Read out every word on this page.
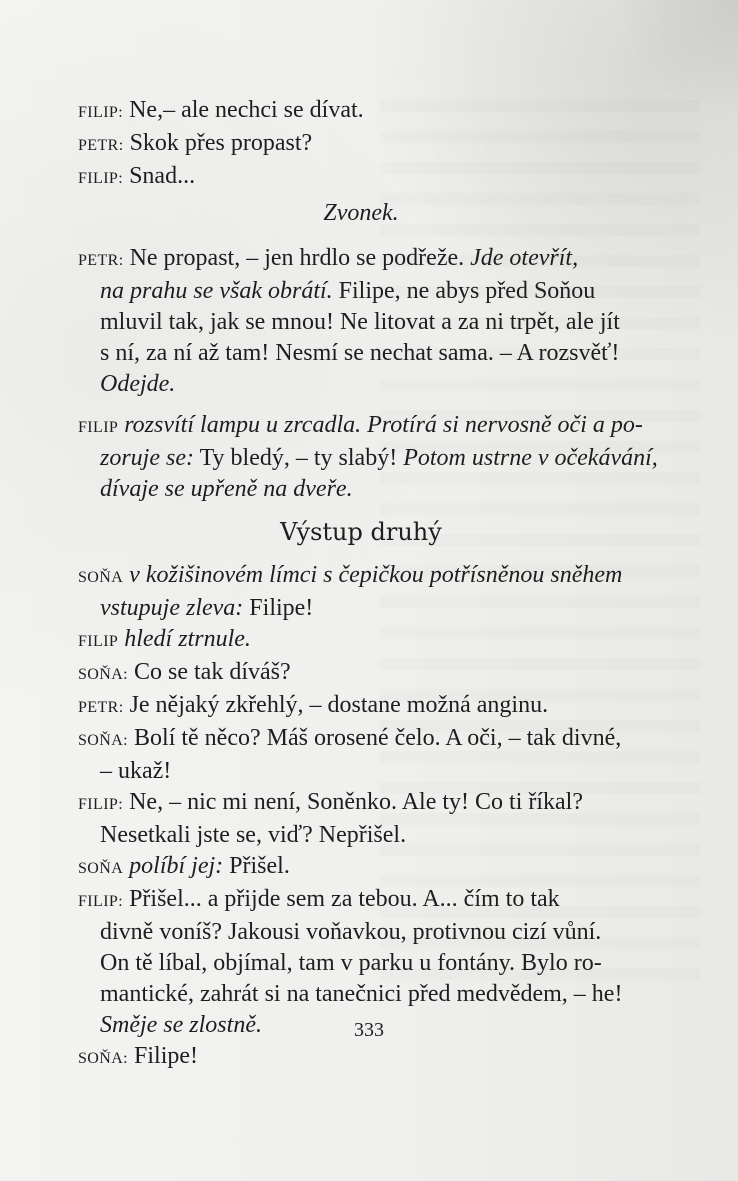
FILIP: Ne,– ale nechci se dívat.
PETR: Skok přes propast?
FILIP: Snad...
Zvonek.
PETR: Ne propast, – jen hrdlo se podřeže. Jde otevřít,
na prahu se však obrátí. Filipe, ne abys před Soňou
mluvil tak, jak se mnou! Ne litovat a za ni trpět, ale jít
s ní, za ní až tam! Nesmí se nechat sama. – A rozsvěť!
Odejde.
FILIP rozsvítí lampu u zrcadla. Protírá si nervosně oči a po-
zoruje se: Ty bledý, – ty slabý! Potom ustrne v očekávání,
dívaje se upřeně na dveře.
Výstup druhý
SOŇA v kožišinovém límci s čepičkou potřísněnou sněhem
vstupuje zleva: Filipe!
FILIP hledí ztrnule.
SOŇA: Co se tak díváš?
PETR: Je nějaký zkřehlý, – dostane možná anginu.
SOŇA: Bolí tě něco? Máš orosené čelo. A oči, – tak divné,
– ukaž!
FILIP: Ne, – nic mi není, Soněnko. Ale ty! Co ti říkal?
Nesetkali jste se, viď? Nepřišel.
SOŇA políbí jej: Přišel.
FILIP: Přišel... a přijde sem za tebou. A... čím to tak
divně voníš? Jakousi voňavkou, protivnou cizí vůní.
On tě líbal, objímal, tam v parku u fontány. Bylo ro-
mantické, zahrát si na tanečnici před medvědem, – he!
Směje se zlostně.
SOŇA: Filipe!
333
